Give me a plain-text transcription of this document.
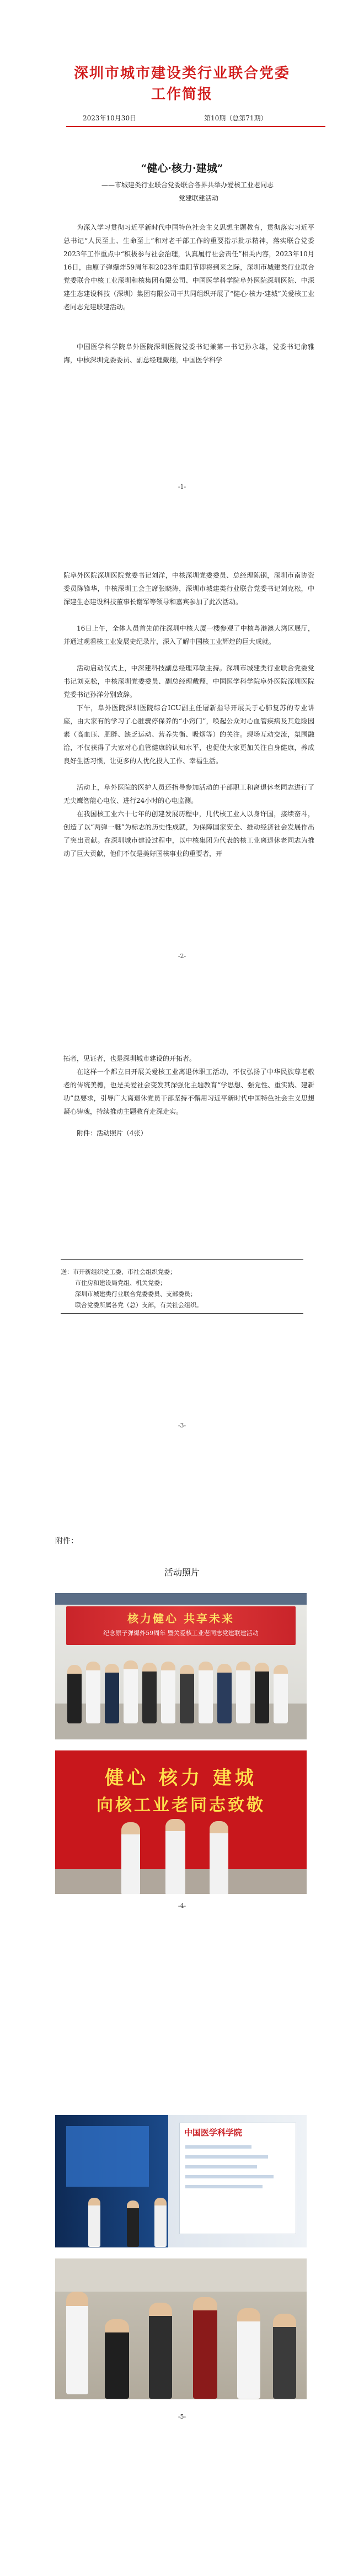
深圳市城市建设类行业联合党委
工作简报
2023年10月30日	第10期（总第71期）
“健心·核力·建城”
——市城建类行业联合党委联合各界共举办爱核工业老同志
党建联建活动

为深入学习贯彻习近平新时代中国特色社会主义思想主题教育，贯彻落实习近平总书记“人民至上、生命至上”和对老干部工作的重要指示批示精神，落实联合党委2023年工作重点中“积极参与社会治理，认真履行社会责任”相关内容，2023年10月16日，由原子弹爆炸59周年和2023年重阳节即将到来之际，深圳市城建类行业联合党委联合中核工业深圳和核集团有限公司、中国医学科学院阜外医院深圳医院、中深建生态建设科技（深圳）集团有限公司干共同组织开展了“健心·核力·建城”关爱核工业老同志党建联建活动。

中国医学科学院阜外医院深圳医院党委书记兼第一书记孙永雄，党委书记俞雅海，中核深圳党委委员、副总经理戴翔，中国医学科学

-1-

院阜外医院深圳医院党委书记刘洋，中核深圳党委委员、总经理陈钢，深圳市南协资委员陈锋华，中核深圳工会主席张晓涛，深圳市城建类行业联合党委书记刘克松，中深建生态建设科技董事长谢军等领导和嘉宾参加了此次活动。

16日上午，全体人员首先前往深圳中核大厦一楼参观了中核粤港澳大湾区展厅，并通过观看核工业发展史纪录片，深入了解中国核工业辉煌的巨大成就。

活动启动仪式上，中深建科技副总经理邓敏主持。深圳市城建类行业联合党委党书记刘克松，中核深圳党委委员、副总经理戴翔，中国医学科学院阜外医院深圳医院党委书记孙洋分别致辞。

下午，阜外医院深圳医院综合ICU副主任屠新指导开展关于心肺复苏的专业讲座，由大家有的学习了心脏骤停保养的“小窍门”，唤起公众对心血管疾病及其危险因素（高血压、肥胖、缺乏运动、营养失衡、吸烟等）的关注。现场互动交流，氛围融洽，不仅获得了大家对心血管健康的认知水平，也促使大家更加关注自身健康，养成良好生活习惯，让更多的人优化投入工作、幸福生活。

活动上，阜外医院的医护人员还指导参加活动的干部职工和离退休老同志进行了无尖鹰智能心电仪、进行24小时的心电监测。

在我国核工业六十七年的创建发展历程中，几代核工业人以身许国，接续奋斗，创造了以“两弹一艇”为标志的历史性成就，为保障国家安全、推动经济社会发展作出了突出贡献。在深圳城市建设过程中，以中核集团为代表的核工业离退休老同志为推动了巨大贡献，他们不仅是美好国核事业的重要者，开

-2-

拓者，见证者，也是深圳城市建设的开拓者。

在这样一个都立日开展关爱核工业离退休职工活动，不仅弘扬了中华民族尊老敬老的传统美德，也是关爱社会变发其深强化主题教育“学思想、强党性、重实践、建新功”总要求，引导广大离退休党员干部坚持不懈用习近平新时代中国特色社会主义思想凝心铸魂，持续推动主题教育走深走实。

附件：活动照片（4张）

送：市开新组织党工委、市社会组织党委；
市住房和建设局党组、机关党委；
深圳市城建类行业联合党委委员、支部委员；
联合党委所属各党（总）支部，有关社会组织。
-3-
附件：
活动照片
核力健心 共享未来
纪念原子弹爆炸59周年 暨关爱核工业老同志党建联建活动
健心 核力 建城
向核工业老同志致敬
-4-
中国医学科学院
-5-
